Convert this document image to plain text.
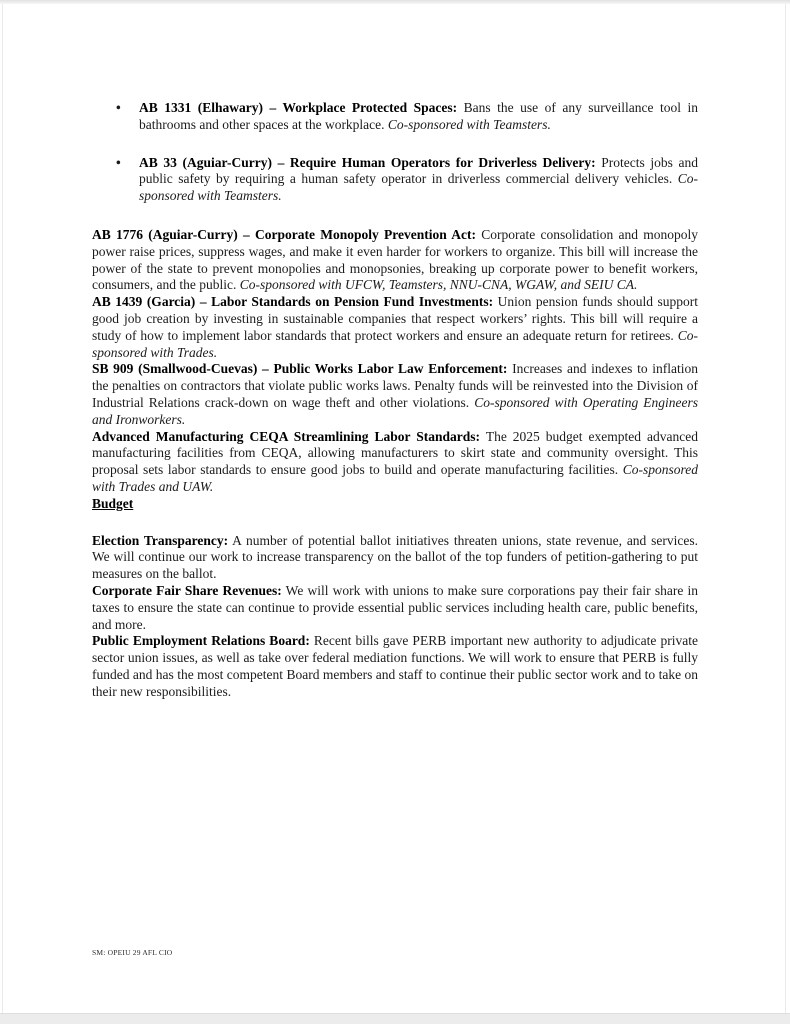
• AB 1331 (Elhawary) – Workplace Protected Spaces: Bans the use of any surveillance tool in bathrooms and other spaces at the workplace. Co-sponsored with Teamsters.
• AB 33 (Aguiar-Curry) – Require Human Operators for Driverless Delivery: Protects jobs and public safety by requiring a human safety operator in driverless commercial delivery vehicles. Co-sponsored with Teamsters.

AB 1776 (Aguiar-Curry) – Corporate Monopoly Prevention Act: Corporate consolidation and monopoly power raise prices, suppress wages, and make it even harder for workers to organize. This bill will increase the power of the state to prevent monopolies and monopsonies, breaking up corporate power to benefit workers, consumers, and the public. Co-sponsored with UFCW, Teamsters, NNU-CNA, WGAW, and SEIU CA.

AB 1439 (Garcia) – Labor Standards on Pension Fund Investments: Union pension funds should support good job creation by investing in sustainable companies that respect workers’ rights. This bill will require a study of how to implement labor standards that protect workers and ensure an adequate return for retirees. Co-sponsored with Trades.

SB 909 (Smallwood-Cuevas) – Public Works Labor Law Enforcement: Increases and indexes to inflation the penalties on contractors that violate public works laws. Penalty funds will be reinvested into the Division of Industrial Relations crack-down on wage theft and other violations. Co-sponsored with Operating Engineers and Ironworkers.

Advanced Manufacturing CEQA Streamlining Labor Standards: The 2025 budget exempted advanced manufacturing facilities from CEQA, allowing manufacturers to skirt state and community oversight. This proposal sets labor standards to ensure good jobs to build and operate manufacturing facilities. Co-sponsored with Trades and UAW.

Budget

Election Transparency: A number of potential ballot initiatives threaten unions, state revenue, and services. We will continue our work to increase transparency on the ballot of the top funders of petition-gathering to put measures on the ballot.

Corporate Fair Share Revenues: We will work with unions to make sure corporations pay their fair share in taxes to ensure the state can continue to provide essential public services including health care, public benefits, and more.

Public Employment Relations Board: Recent bills gave PERB important new authority to adjudicate private sector union issues, as well as take over federal mediation functions. We will work to ensure that PERB is fully funded and has the most competent Board members and staff to continue their public sector work and to take on their new responsibilities.

SM: OPEIU 29 AFL CIO
